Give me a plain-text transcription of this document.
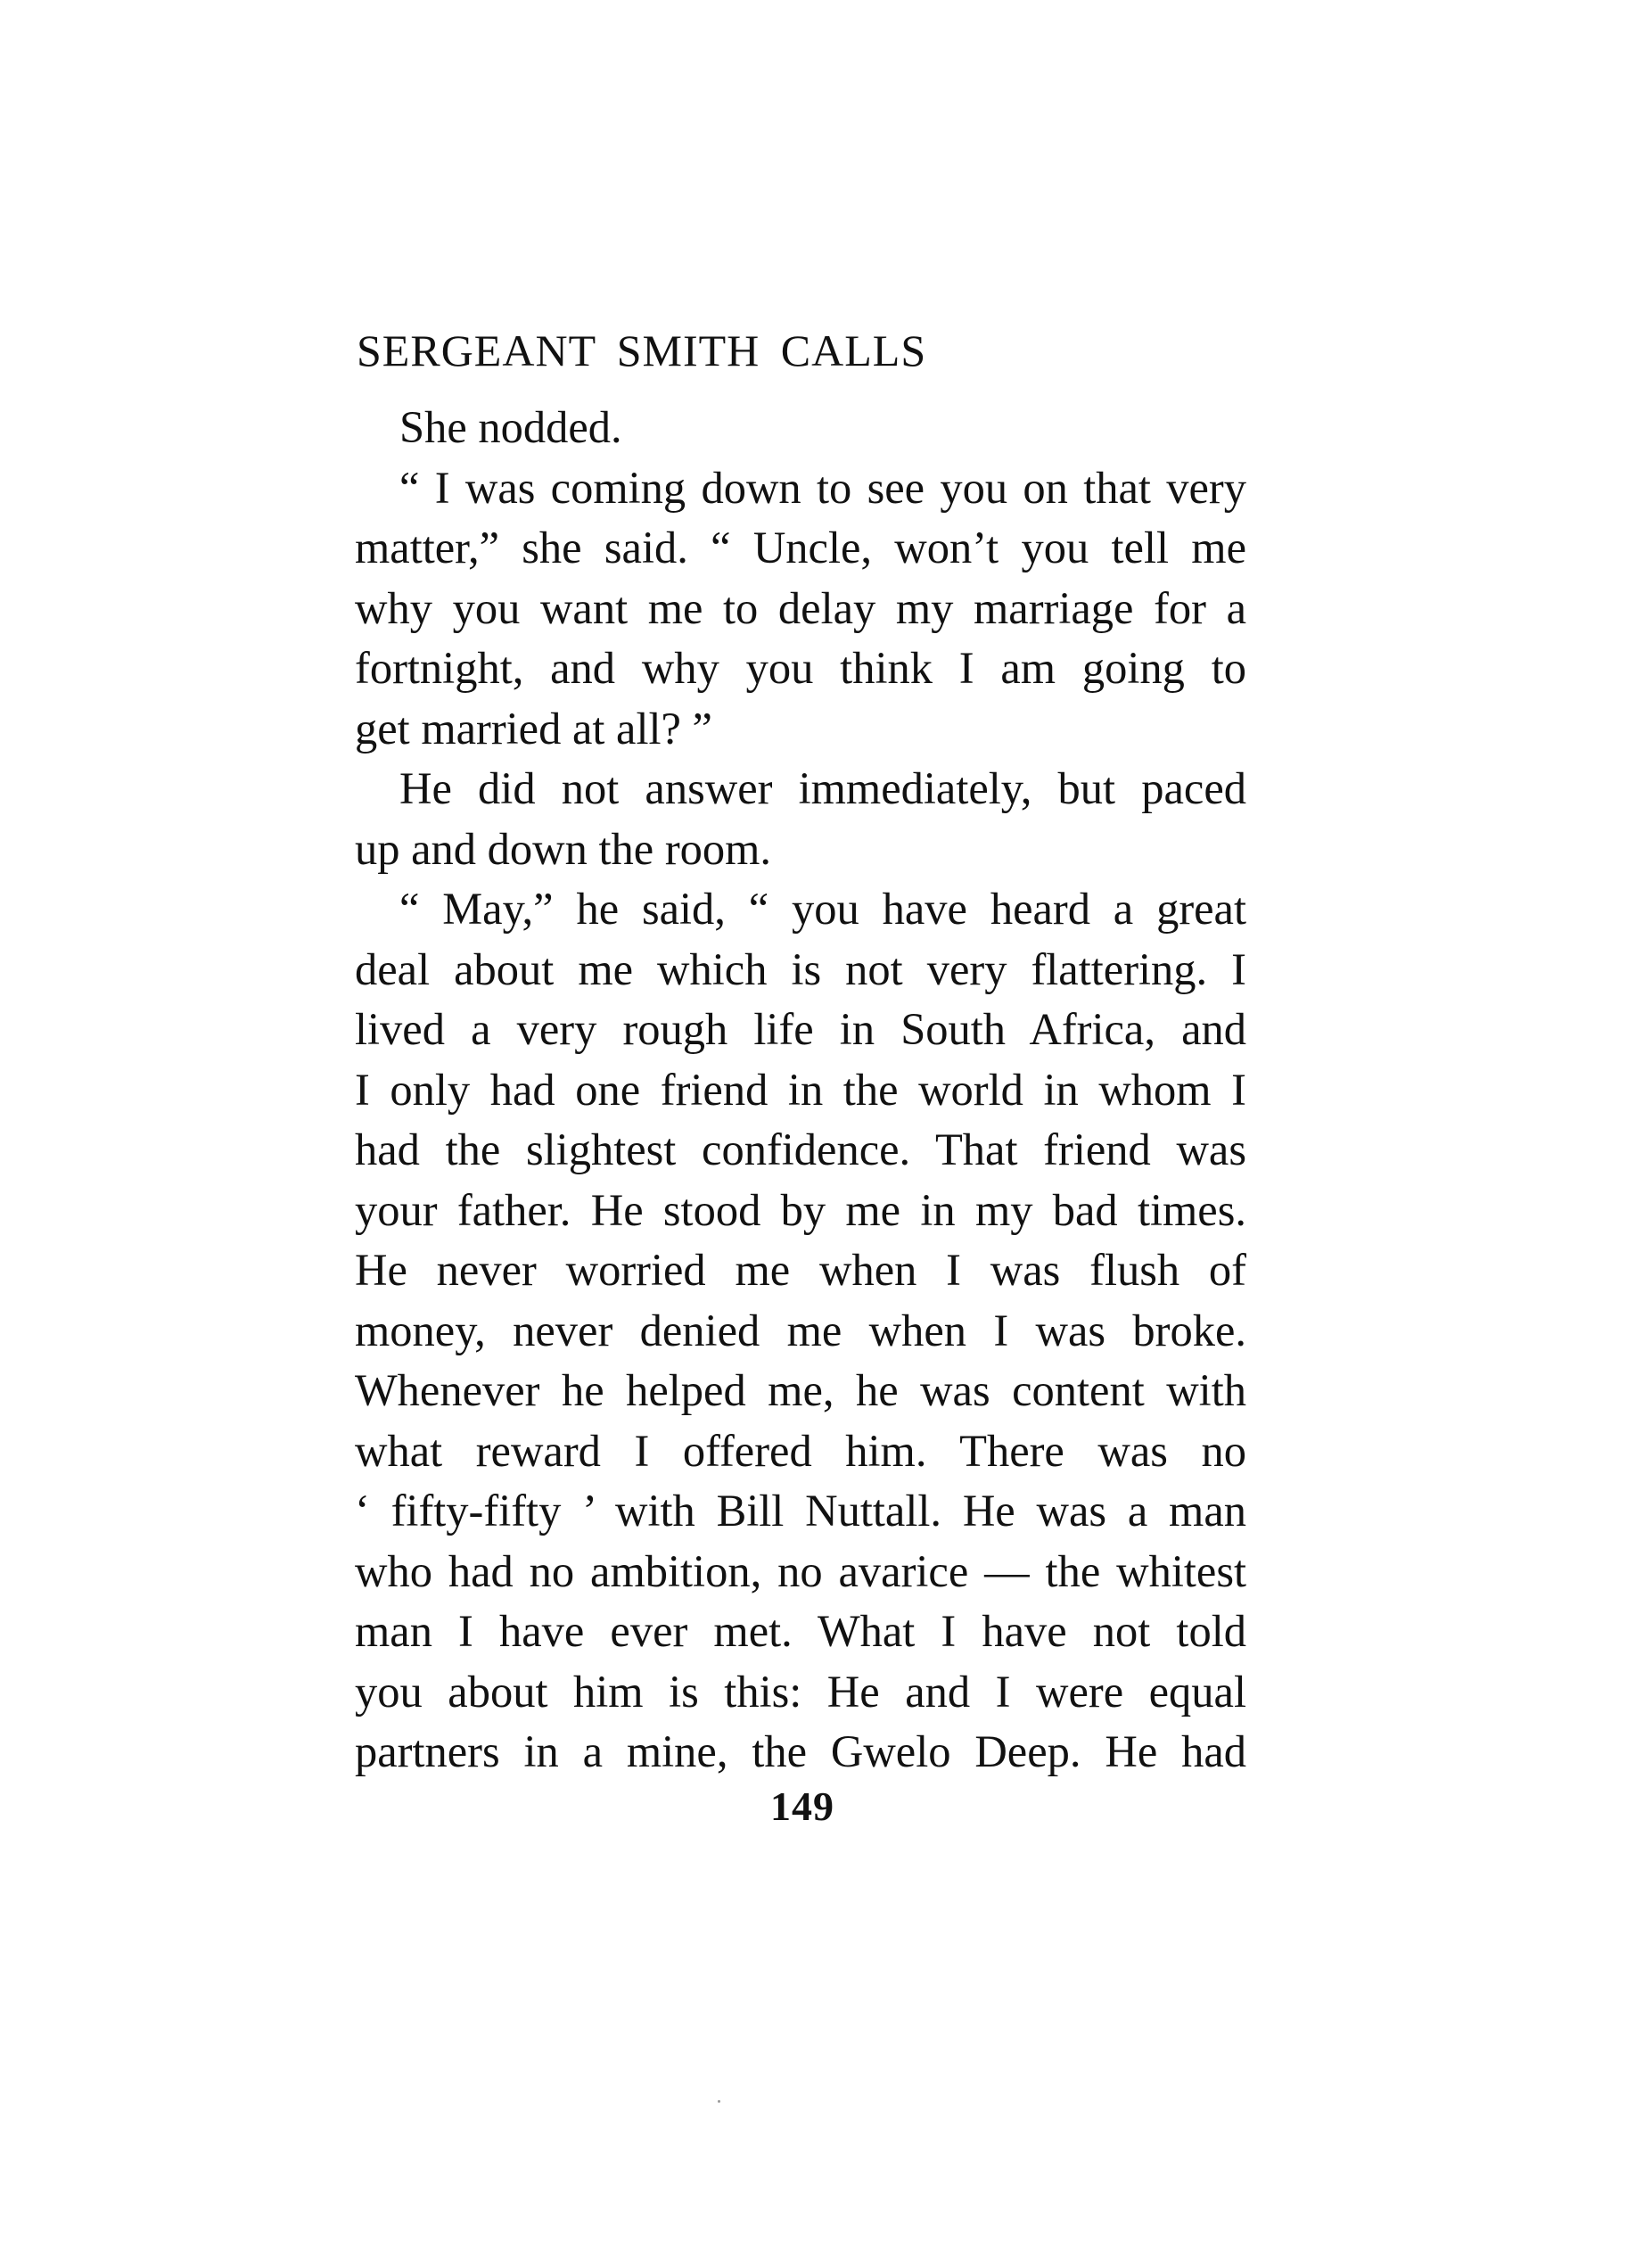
SERGEANT SMITH CALLS
She nodded.
“ I was coming down to see you on that very
matter,” she said. “ Uncle, won’t you tell me
why you want me to delay my marriage for a
fortnight, and why you think I am going to
get married at all? ”
He did not answer immediately, but paced
up and down the room.
“ May,” he said, “ you have heard a great
deal about me which is not very flattering. I
lived a very rough life in South Africa, and
I only had one friend in the world in whom I
had the slightest confidence. That friend was
your father. He stood by me in my bad times.
He never worried me when I was flush of
money, never denied me when I was broke.
Whenever he helped me, he was content with
what reward I offered him. There was no
‘ fifty-fifty ’ with Bill Nuttall. He was a man
who had no ambition, no avarice — the whitest
man I have ever met. What I have not told
you about him is this: He and I were equal
partners in a mine, the Gwelo Deep. He had
149
